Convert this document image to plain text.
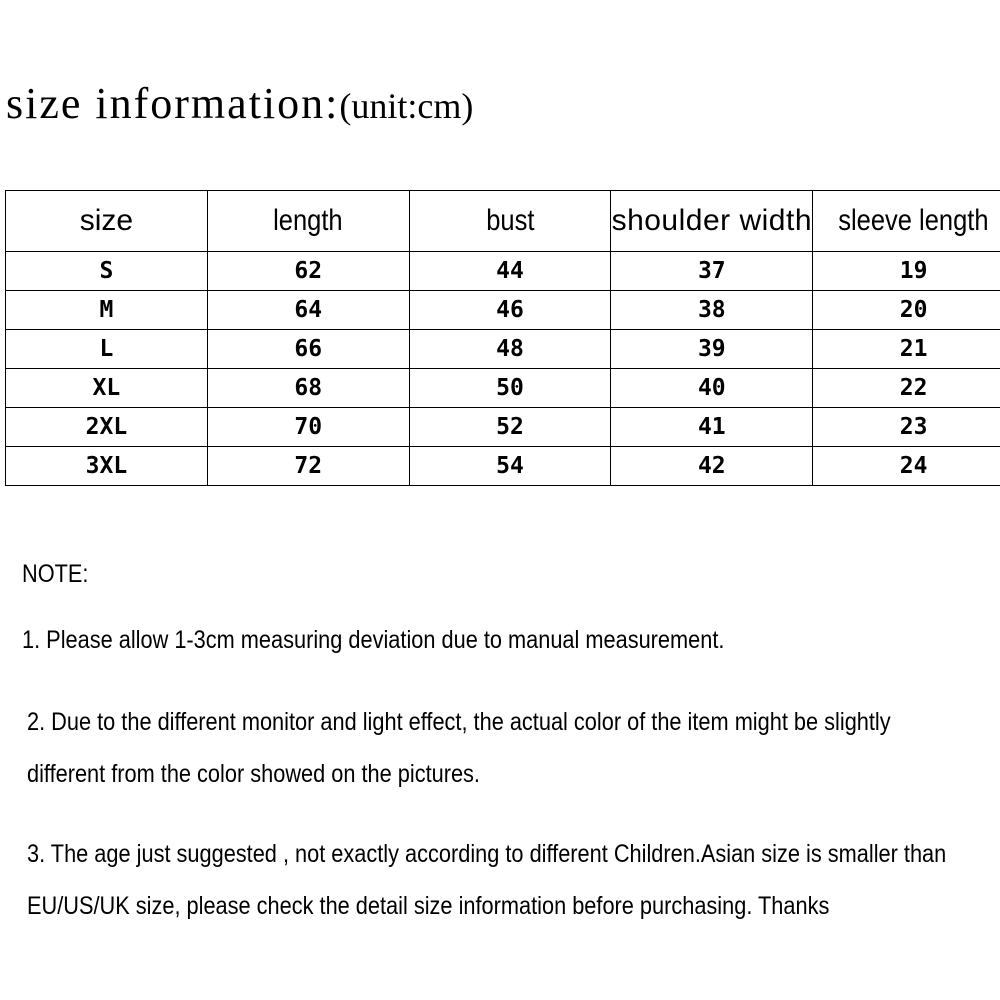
size information:(unit:cm)
size	length	bust	shoulder width	sleeve length
S	62	44	37	19
M	64	46	38	20
L	66	48	39	21
XL	68	50	40	22
2XL	70	52	41	23
3XL	72	54	42	24
NOTE:
1. Please allow 1-3cm measuring deviation due to manual measurement.
2. Due to the different monitor and light effect, the actual color of the item might be slightly
different from the color showed on the pictures.
3. The age just suggested , not exactly according to different Children.Asian size is smaller than
EU/US/UK size, please check the detail size information before purchasing. Thanks
